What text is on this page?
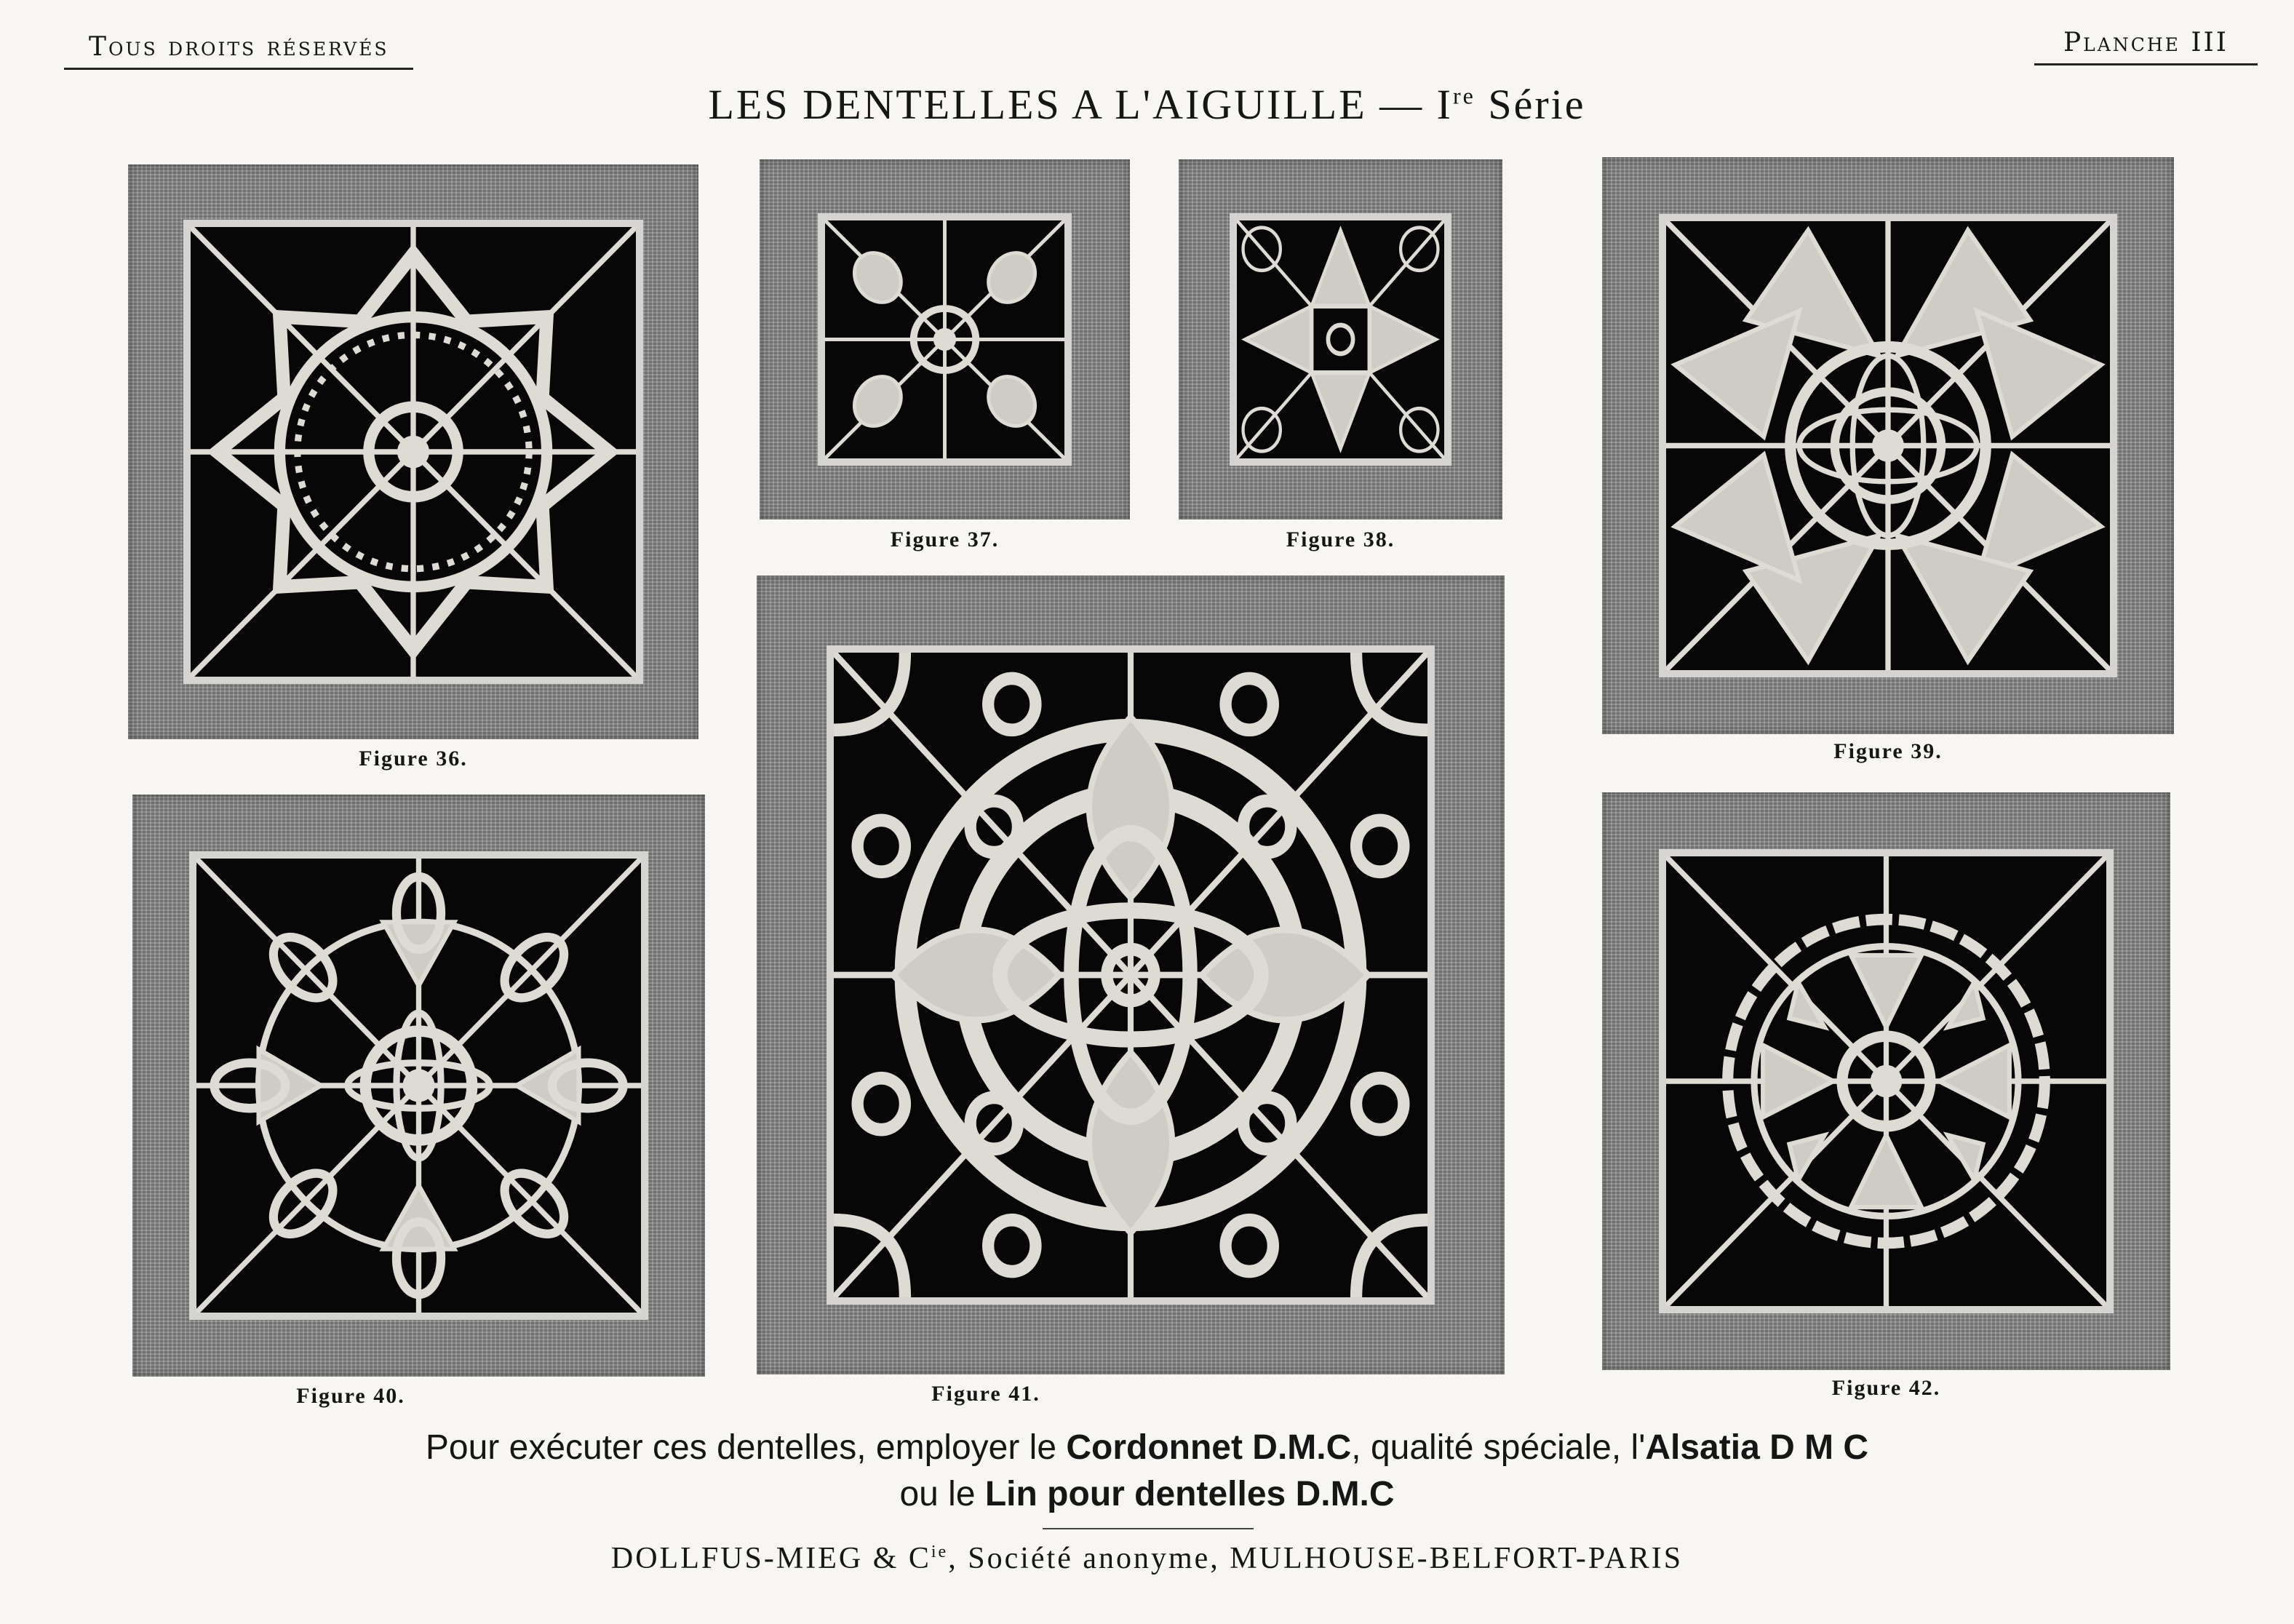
Tous droits réservés	Planche III
LES DENTELLES A L'AIGUILLE — Ire Série
Figure 36.
Figure 37.	Figure 38.
Figure 39.
Figure 40.	Figure 41.	Figure 42.
Pour exécuter ces dentelles, employer le Cordonnet D.M.C, qualité spéciale, l'Alsatia D M C
ou le Lin pour dentelles D.M.C
DOLLFUS-MIEG & $C^{ie}$, Société anonyme, MULHOUSE-BELFORT-PARIS
